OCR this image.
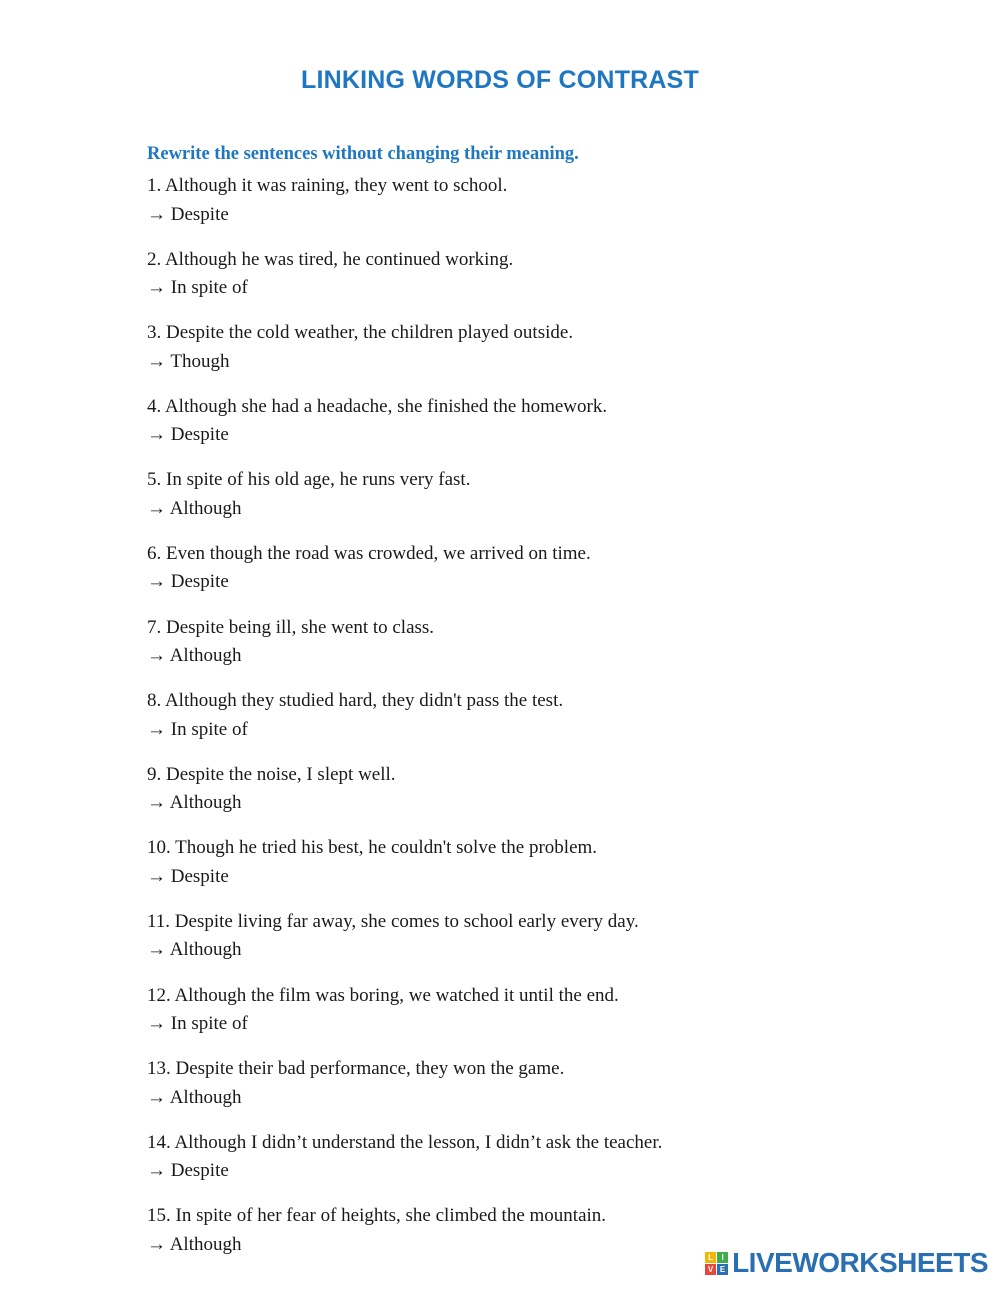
LINKING WORDS OF CONTRAST
Rewrite the sentences without changing their meaning.
1. Although it was raining, they went to school.
→ Despite
2. Although he was tired, he continued working.
→ In spite of
3. Despite the cold weather, the children played outside.
→ Though
4. Although she had a headache, she finished the homework.
→ Despite
5. In spite of his old age, he runs very fast.
→ Although
6. Even though the road was crowded, we arrived on time.
→ Despite
7. Despite being ill, she went to class.
→ Although
8. Although they studied hard, they didn't pass the test.
→ In spite of
9. Despite the noise, I slept well.
→ Although
10. Though he tried his best, he couldn't solve the problem.
→ Despite
11. Despite living far away, she comes to school early every day.
→ Although
12. Although the film was boring, we watched it until the end.
→ In spite of
13. Despite their bad performance, they won the game.
→ Although
14. Although I didn’t understand the lesson, I didn’t ask the teacher.
→ Despite
15. In spite of her fear of heights, she climbed the mountain.
→ Although
L	I
V E LIVEWORKSHEETS
